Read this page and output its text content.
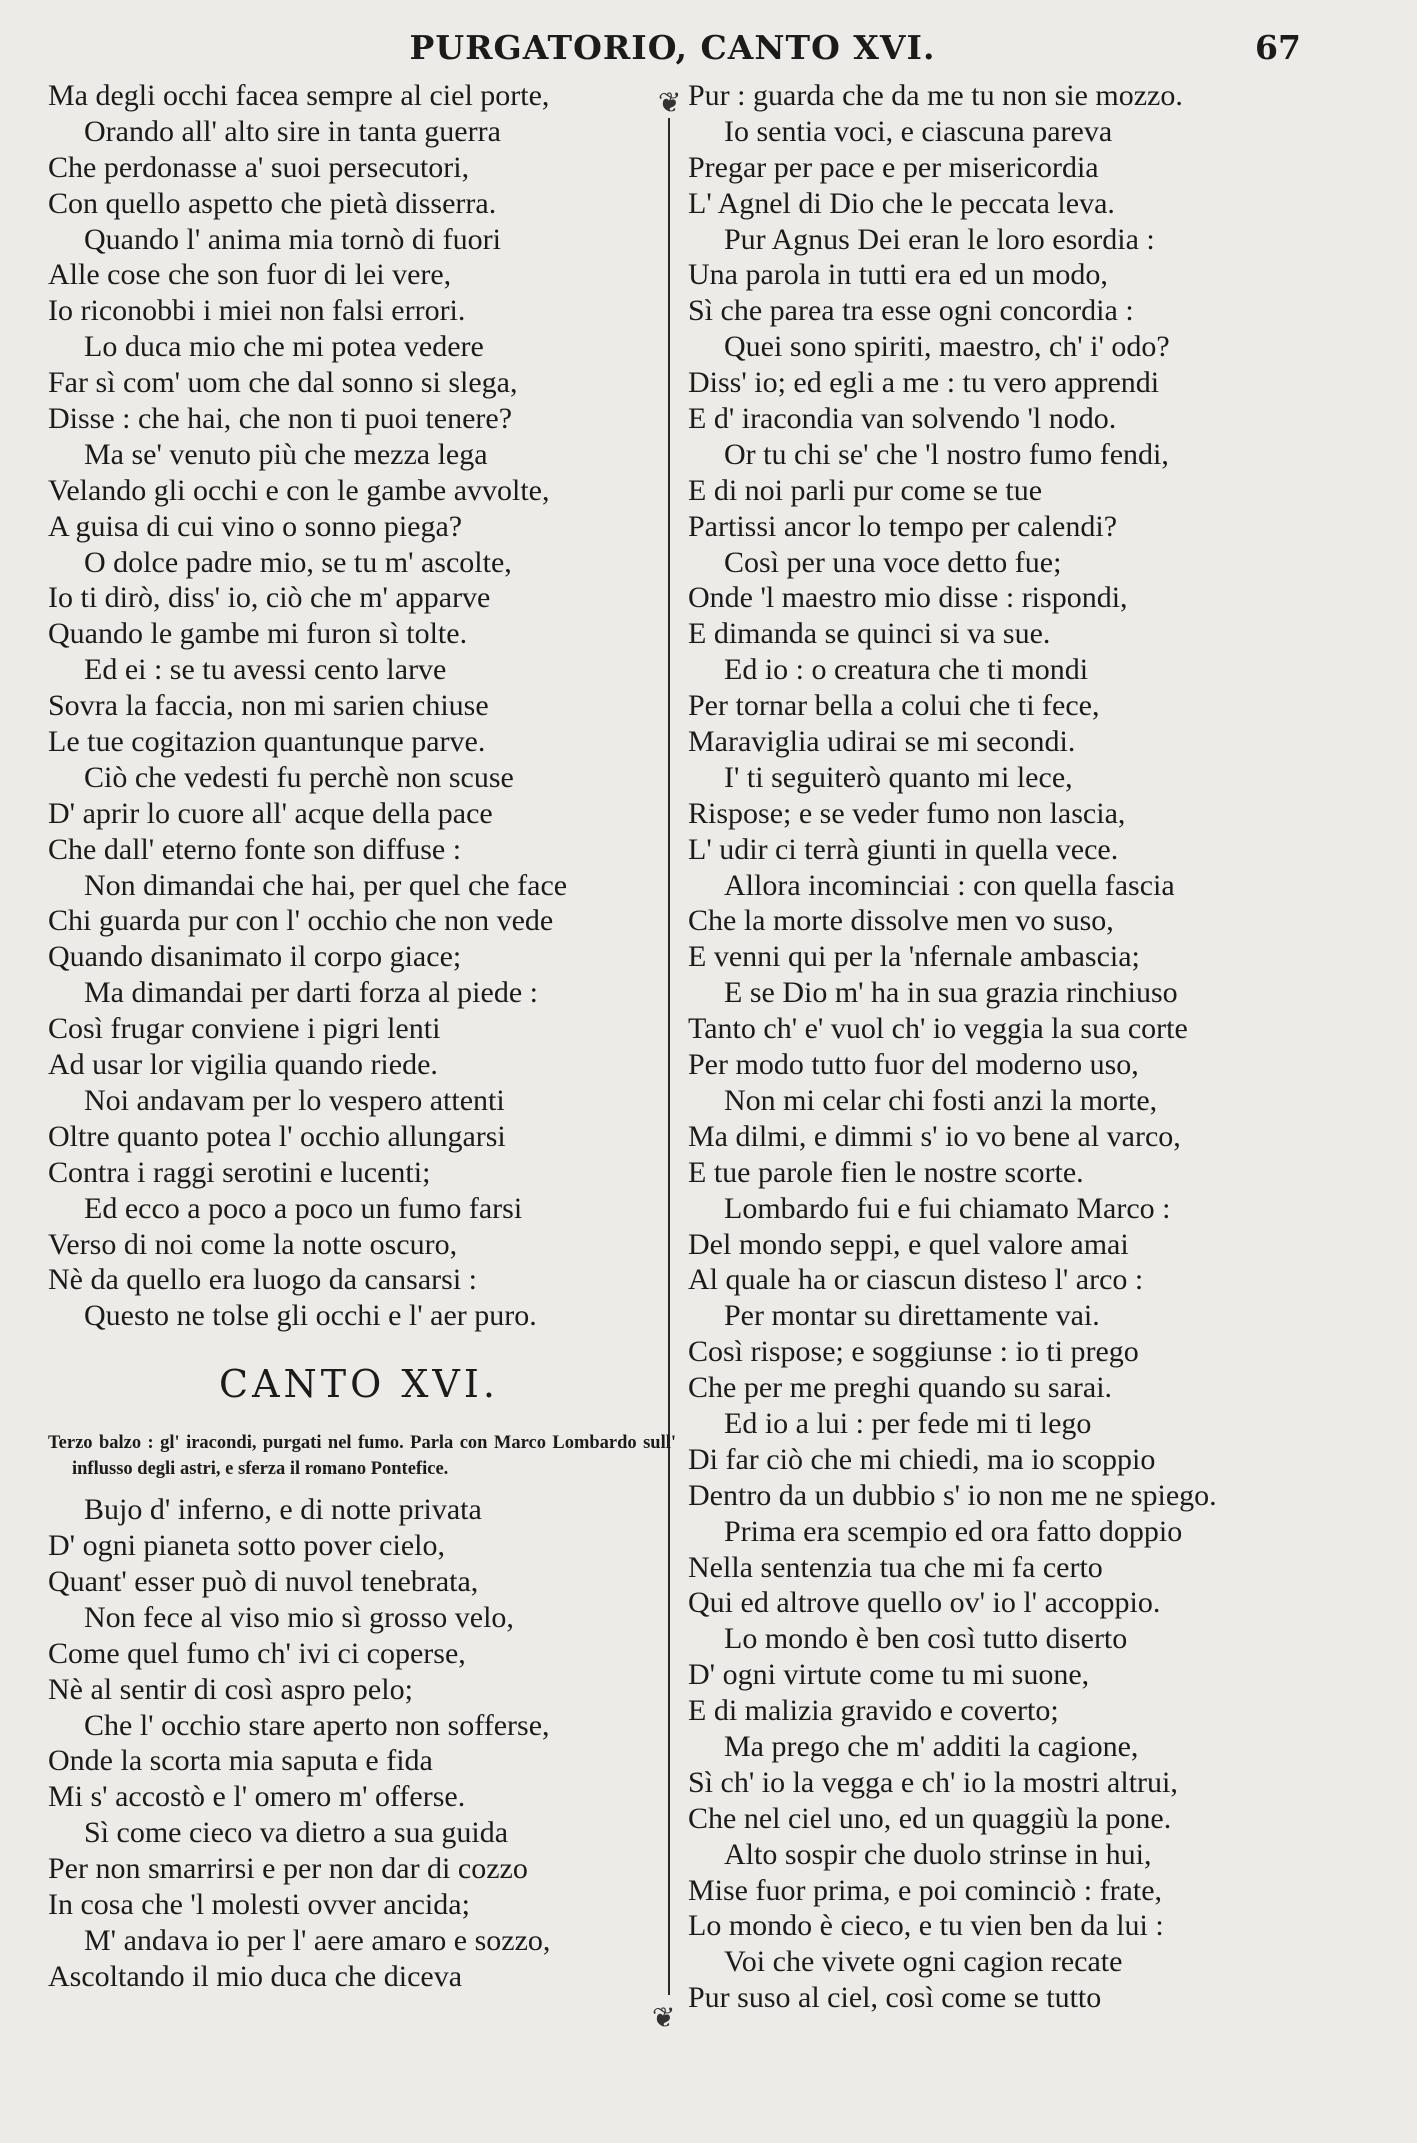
PURGATORIO, CANTO XVI.	67
❦
❦
Ma degli occhi facea sempre al ciel porte,
Orando all' alto sire in tanta guerra
Che perdonasse a' suoi persecutori,
Con quello aspetto che pietà disserra.
Quando l' anima mia tornò di fuori
Alle cose che son fuor di lei vere,
Io riconobbi i miei non falsi errori.
Lo duca mio che mi potea vedere
Far sì com' uom che dal sonno si slega,
Disse : che hai, che non ti puoi tenere?
Ma se' venuto più che mezza lega
Velando gli occhi e con le gambe avvolte,
A guisa di cui vino o sonno piega?
O dolce padre mio, se tu m' ascolte,
Io ti dirò, diss' io, ciò che m' apparve
Quando le gambe mi furon sì tolte.
Ed ei : se tu avessi cento larve
Sovra la faccia, non mi sarien chiuse
Le tue cogitazion quantunque parve.
Ciò che vedesti fu perchè non scuse
D' aprir lo cuore all' acque della pace
Che dall' eterno fonte son diffuse :
Non dimandai che hai, per quel che face
Chi guarda pur con l' occhio che non vede
Quando disanimato il corpo giace;
Ma dimandai per darti forza al piede :
Così frugar conviene i pigri lenti
Ad usar lor vigilia quando riede.
Noi andavam per lo vespero attenti
Oltre quanto potea l' occhio allungarsi
Contra i raggi serotini e lucenti;
Ed ecco a poco a poco un fumo farsi
Verso di noi come la notte oscuro,
Nè da quello era luogo da cansarsi :
Questo ne tolse gli occhi e l' aer puro.
CANTO XVI.
Terzo balzo : gl' iracondi, purgati nel fumo. Parla con Marco Lombardo sull' influsso degli astri, e sferza il romano Pontefice.
Bujo d' inferno, e di notte privata
D' ogni pianeta sotto pover cielo,
Quant' esser può di nuvol tenebrata,
Non fece al viso mio sì grosso velo,
Come quel fumo ch' ivi ci coperse,
Nè al sentir di così aspro pelo;
Che l' occhio stare aperto non sofferse,
Onde la scorta mia saputa e fida
Mi s' accostò e l' omero m' offerse.
Sì come cieco va dietro a sua guida
Per non smarrirsi e per non dar di cozzo
In cosa che 'l molesti ovver ancida;
M' andava io per l' aere amaro e sozzo,
Ascoltando il mio duca che diceva
Pur : guarda che da me tu non sie mozzo.
Io sentia voci, e ciascuna pareva
Pregar per pace e per misericordia
L' Agnel di Dio che le peccata leva.
Pur Agnus Dei eran le loro esordia :
Una parola in tutti era ed un modo,
Sì che parea tra esse ogni concordia :
Quei sono spiriti, maestro, ch' i' odo?
Diss' io; ed egli a me : tu vero apprendi
E d' iracondia van solvendo 'l nodo.
Or tu chi se' che 'l nostro fumo fendi,
E di noi parli pur come se tue
Partissi ancor lo tempo per calendi?
Così per una voce detto fue;
Onde 'l maestro mio disse : rispondi,
E dimanda se quinci si va sue.
Ed io : o creatura che ti mondi
Per tornar bella a colui che ti fece,
Maraviglia udirai se mi secondi.
I' ti seguiterò quanto mi lece,
Rispose; e se veder fumo non lascia,
L' udir ci terrà giunti in quella vece.
Allora incominciai : con quella fascia
Che la morte dissolve men vo suso,
E venni qui per la 'nfernale ambascia;
E se Dio m' ha in sua grazia rinchiuso
Tanto ch' e' vuol ch' io veggia la sua corte
Per modo tutto fuor del moderno uso,
Non mi celar chi fosti anzi la morte,
Ma dilmi, e dimmi s' io vo bene al varco,
E tue parole fien le nostre scorte.
Lombardo fui e fui chiamato Marco :
Del mondo seppi, e quel valore amai
Al quale ha or ciascun disteso l' arco :
Per montar su direttamente vai.
Così rispose; e soggiunse : io ti prego
Che per me preghi quando su sarai.
Ed io a lui : per fede mi ti lego
Di far ciò che mi chiedi, ma io scoppio
Dentro da un dubbio s' io non me ne spiego.
Prima era scempio ed ora fatto doppio
Nella sentenzia tua che mi fa certo
Qui ed altrove quello ov' io l' accoppio.
Lo mondo è ben così tutto diserto
D' ogni virtute come tu mi suone,
E di malizia gravido e coverto;
Ma prego che m' additi la cagione,
Sì ch' io la vegga e ch' io la mostri altrui,
Che nel ciel uno, ed un quaggiù la pone.
Alto sospir che duolo strinse in hui,
Mise fuor prima, e poi cominciò : frate,
Lo mondo è cieco, e tu vien ben da lui :
Voi che vivete ogni cagion recate
Pur suso al ciel, così come se tutto
